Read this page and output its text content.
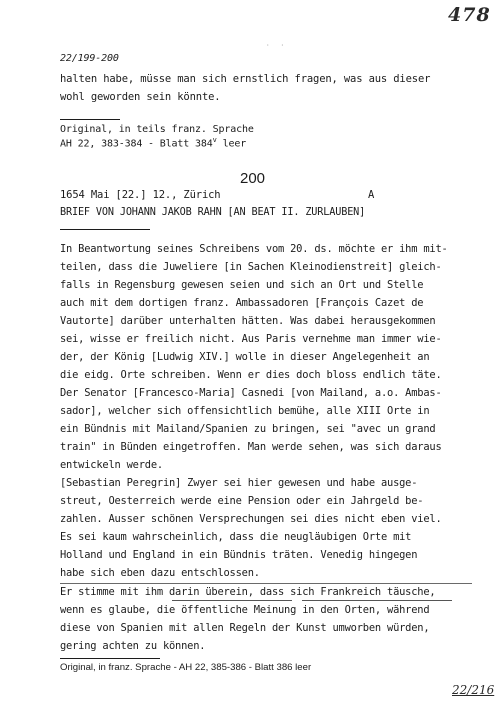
478
·   ·
22/199-200
halten habe, müsse man sich ernstlich fragen, was aus dieser
wohl geworden sein könnte.
Original, in teils franz. Sprache
AH 22, 383-384 - Blatt 384$^v$ leer
200
1654 Mai [22.] 12., Zürich	A
BRIEF VON JOHANN JAKOB RAHN [AN BEAT II. ZURLAUBEN]
In Beantwortung seines Schreibens vom 20. ds. möchte er ihm mit-
teilen, dass die Juweliere [in Sachen Kleinodienstreit] gleich-
falls in Regensburg gewesen seien und sich an Ort und Stelle
auch mit dem dortigen franz. Ambassadoren [François Cazet de
Vautorte] darüber unterhalten hätten. Was dabei herausgekommen
sei, wisse er freilich nicht. Aus Paris vernehme man immer wie-
der, der König [Ludwig XIV.] wolle in dieser Angelegenheit an
die eidg. Orte schreiben. Wenn er dies doch bloss endlich täte.
Der Senator [Francesco-Maria] Casnedi [von Mailand, a.o. Ambas-
sador], welcher sich offensichtlich bemühe, alle XIII Orte in
ein Bündnis mit Mailand/Spanien zu bringen, sei "avec un grand
train" in Bünden eingetroffen. Man werde sehen, was sich daraus
entwickeln werde.
[Sebastian Peregrin] Zwyer sei hier gewesen und habe ausge-
streut, Oesterreich werde eine Pension oder ein Jahrgeld be-
zahlen. Ausser schönen Versprechungen sei dies nicht eben viel.
Es sei kaum wahrscheinlich, dass die neugläubigen Orte mit
Holland und England in ein Bündnis träten. Venedig hingegen
habe sich eben dazu entschlossen.
Er stimme mit ihm darin überein, dass sich Frankreich täusche,
wenn es glaube, die öffentliche Meinung in den Orten, während
diese von Spanien mit allen Regeln der Kunst umworben würden,
gering achten zu können.
Original, in franz. Sprache - AH 22, 385-386 - Blatt 386 leer
22/216
